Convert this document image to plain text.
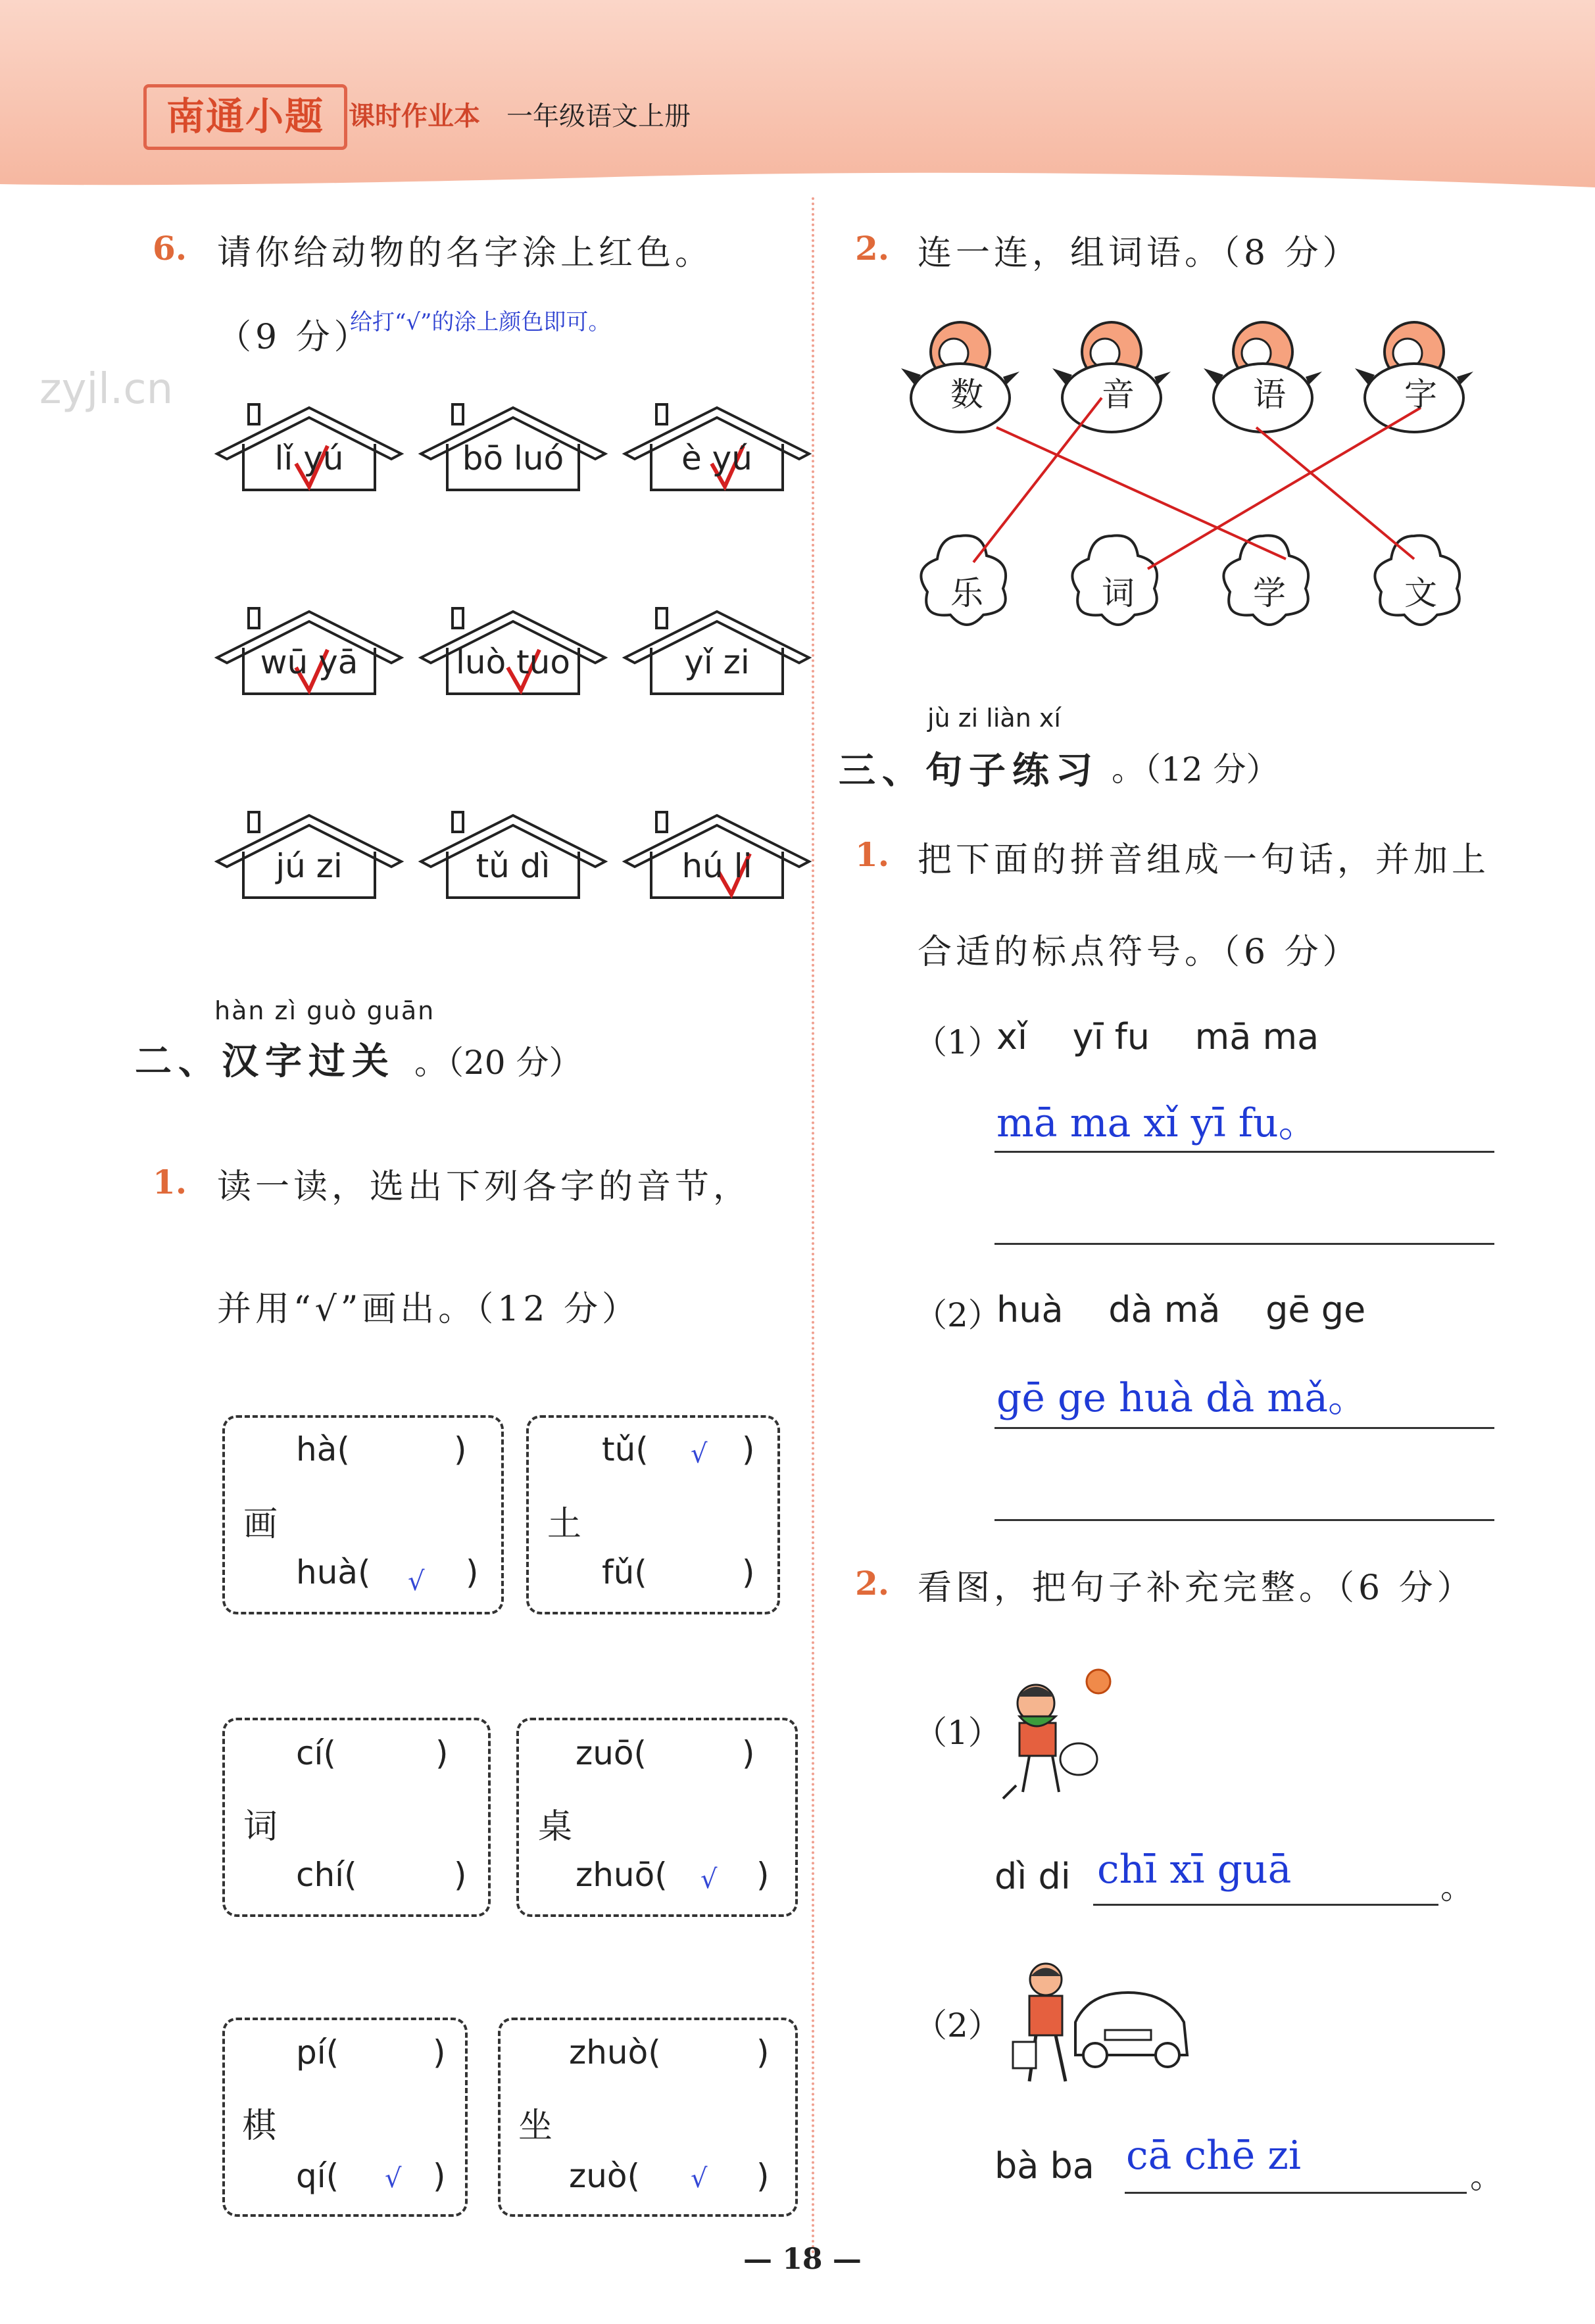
南通小题 课时作业本 一年级语文上册
6. 请你给动物的名字涂上红色。
（9 分）
给打“√”的涂上颜色即可。
zyjl.cn
lǐ yú	bō luó	è yú
wū yā	luò tuo	yǐ zi
jú zi	tǔ dì	hú li
hàn zì guò guān
二、汉字过关 。（20 分）
1. 读一读，选出下列各字的音节，
并用“√”画出。（12 分）
hà(	)
画
huà(	)
√
tǔ( √ )
土
fǔ(	)
cí(	)
词
chí(	)
zuō(	)
桌
zhuō( √ )
pí(	)
棋
qí( √ )
zhuò(	)
坐
zuò( √ )
2. 连一连，组词语。（8 分）
数	音	语	字
乐	词	学	文
jù zi liàn xí
三、句子练习 。（12 分）
1. 把下面的拼音组成一句话，并加上
合适的标点符号。（6 分）
（1）
xǐ    yī fu    mā ma
mā ma xǐ yī fu。
（2）
huà    dà mǎ    gē ge
gē ge huà dà mǎ。
2. 看图，把句子补充完整。（6 分）
（1）
dì di chī xī guā	。
（2）
bà ba cā chē zi	。
— 18 —
